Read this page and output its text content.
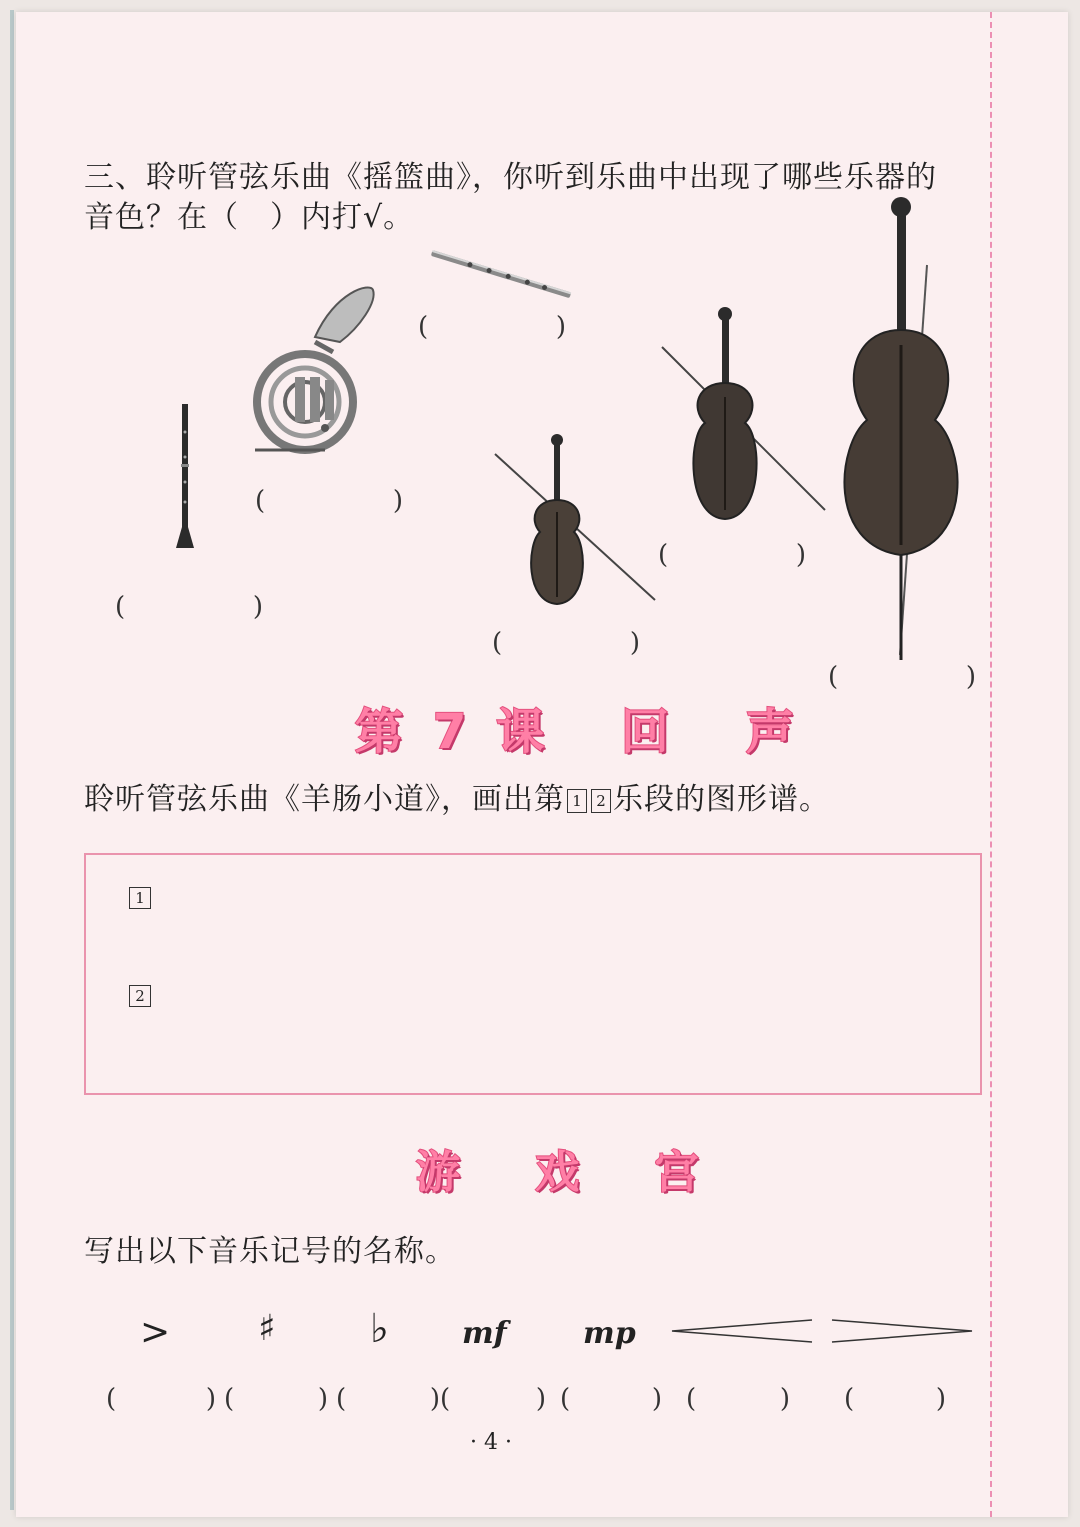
三、聆听管弦乐曲《摇篮曲》，你听到乐曲中出现了哪些乐器的
音色？在（　）内打√。
(	)
(	)
(	)
(	)
(	)
(	)
第7课 回 声
聆听管弦乐曲《羊肠小道》，画出第 1 2 乐段的图形谱。
1
2
游 戏 宫
写出以下音乐记号的名称。
> ♯ ♭ mf	mp
(	) (	) (	) (	) (	) (	) (	)
· 4 ·
